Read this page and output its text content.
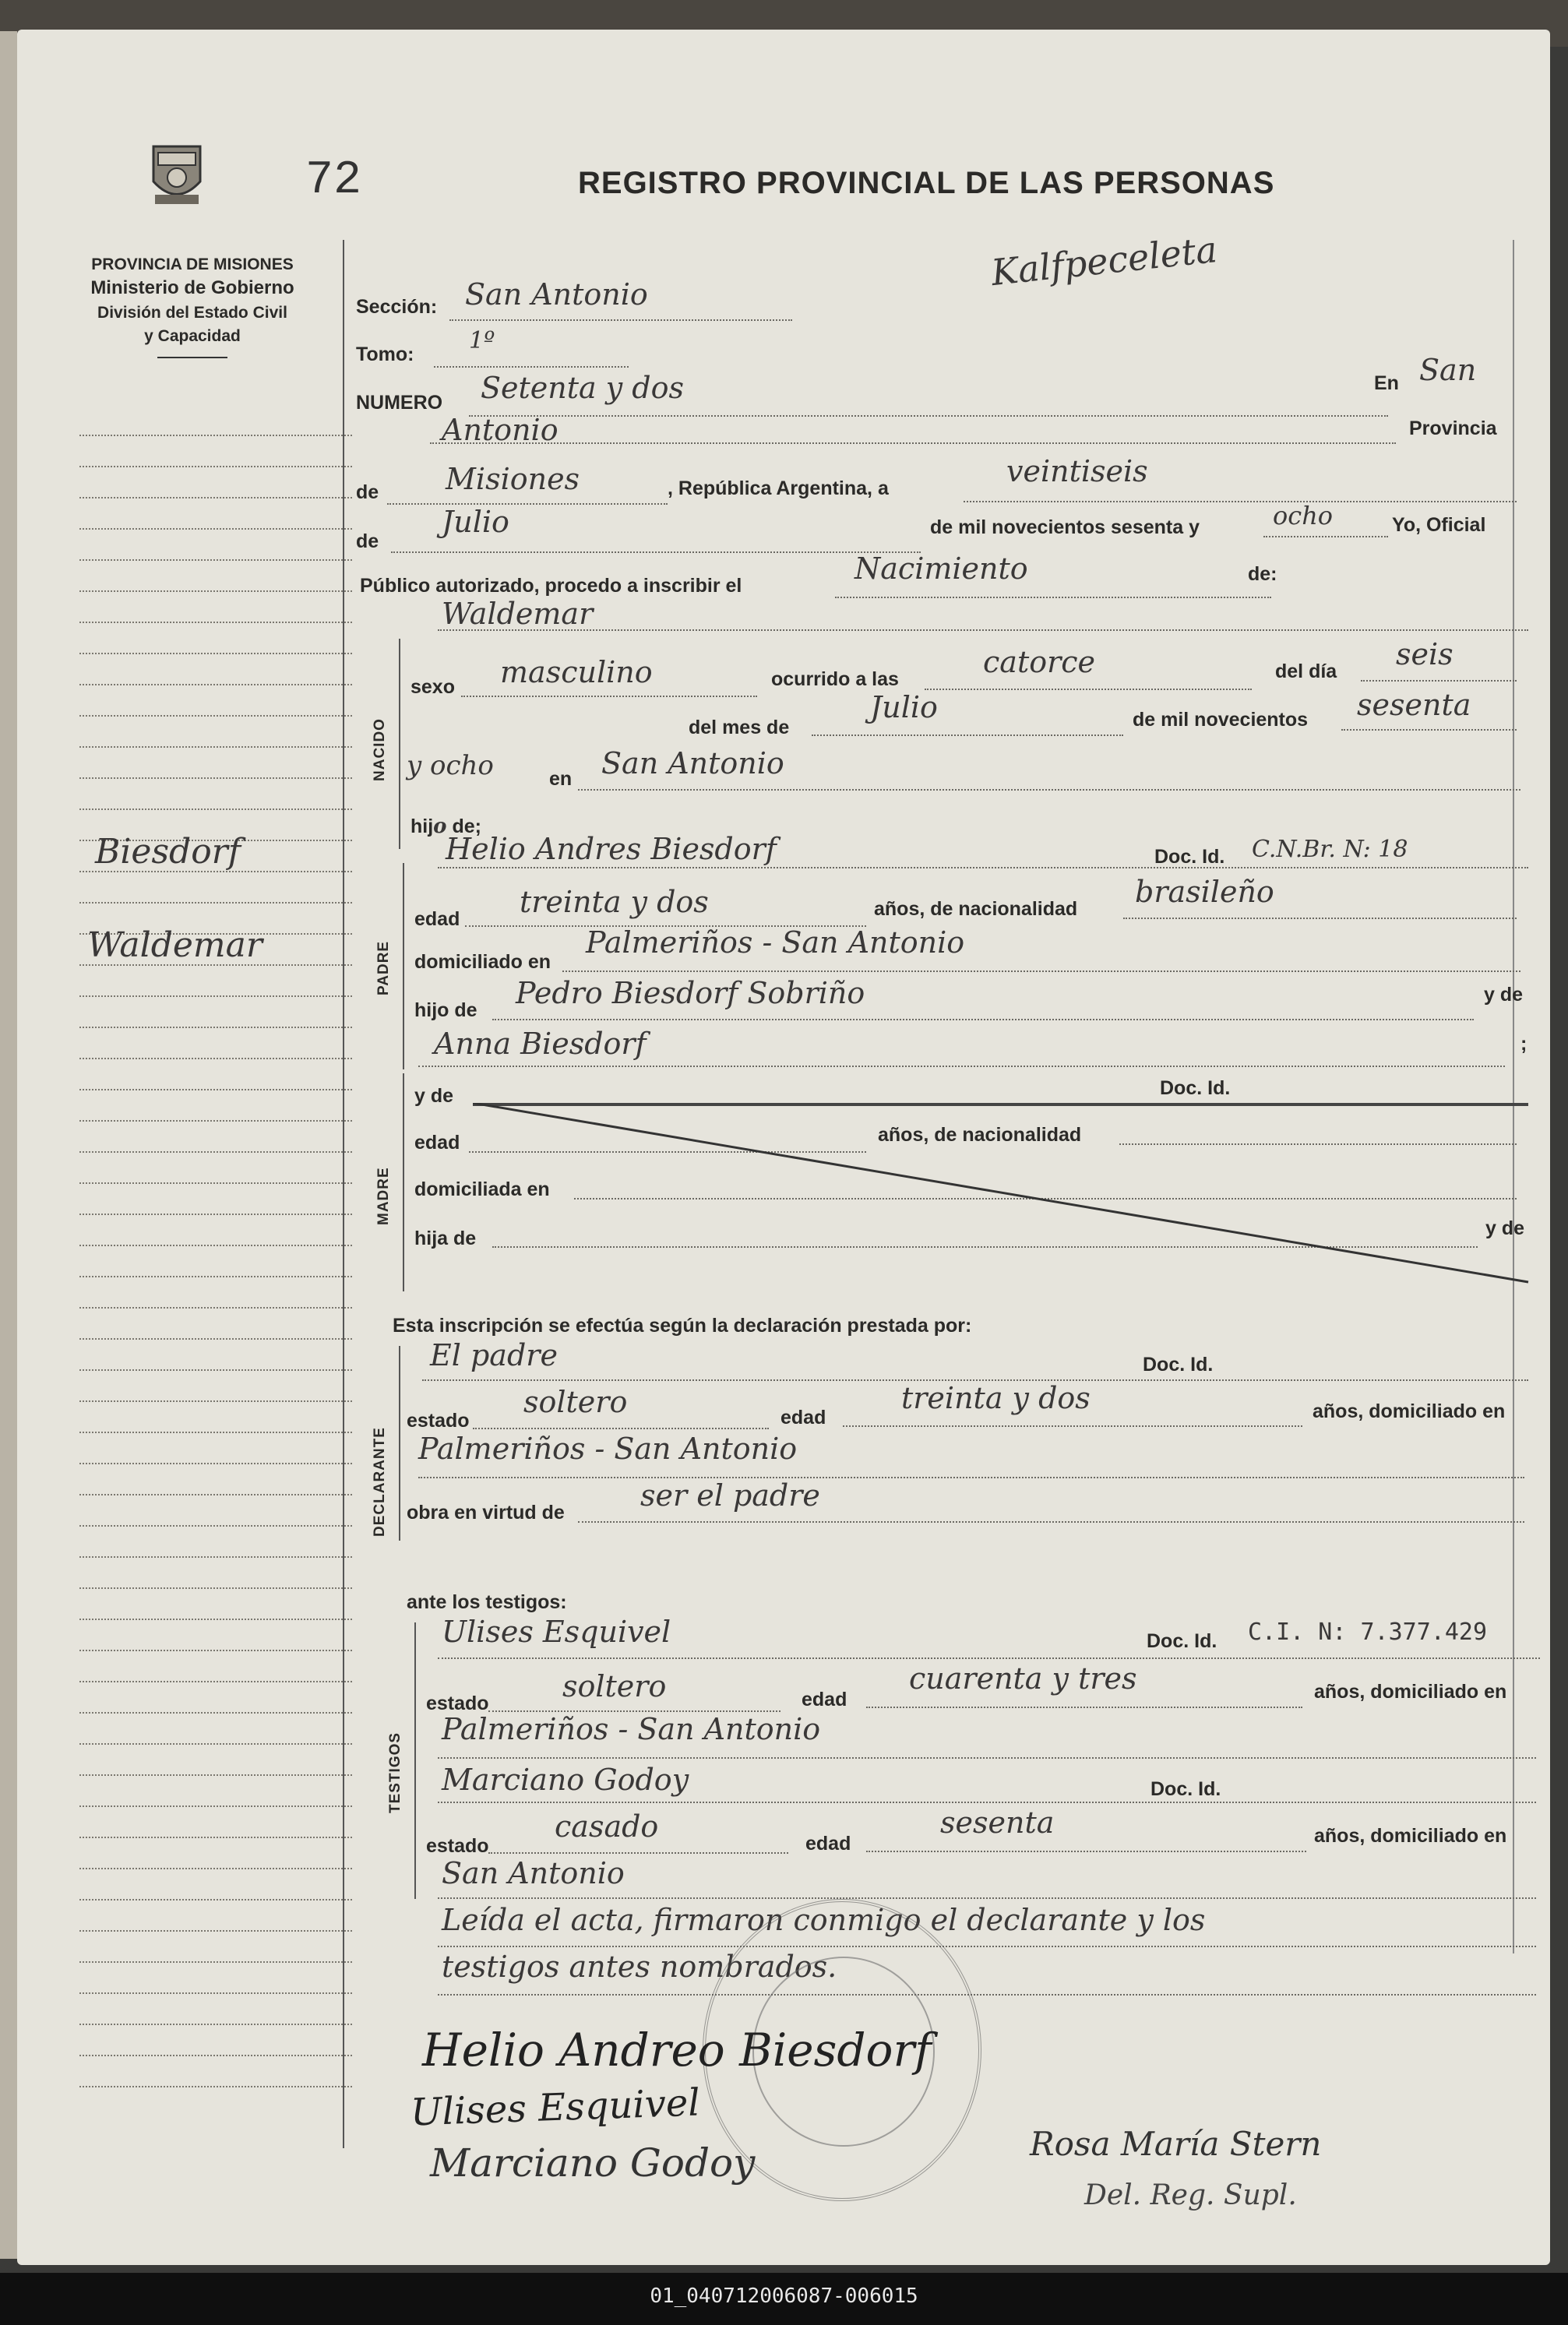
72	REGISTRO PROVINCIAL DE LAS PERSONAS
Kalfpeceleta
PROVINCIA DE MISIONES
Ministerio de Gobierno
División del Estado Civil
y Capacidad
Biesdorf
Waldemar
Sección: San Antonio
Tomo: 1º
NUMERO Setenta y dos	En San
Antonio	Provincia
de Misiones	, República Argentina, a	veintiseis
de
Julio	de mil novecientos sesenta y	ocho	Yo, Oficial
Público autorizado, procedo a inscribir el	Nacimiento	de:
Waldemar
NACIDO
sexo masculino	ocurrido a las	catorce	del día seis
del mes de
Julio	de mil novecientos sesenta
y ocho	en San Antonio
hijo de;
Helio Andres Biesdorf	Doc. Id. C.N.Br. N: 18
PADRE
edad treinta y dos	años, de nacionalidad brasileño
domiciliado en
Palmeriños - San Antonio
hijo de Pedro Biesdorf Sobriño	y de
Anna Biesdorf	;
MADRE
y de	Doc. Id.
edad	años, de nacionalidad
domiciliada en
hija de	y de
Esta inscripción se efectúa según la declaración prestada por:
DECLARANTE
El padre	Doc. Id.
estado
soltero	edad
treinta y dos	años, domiciliado en
Palmeriños - San Antonio
obra en virtud de	ser el padre
ante los testigos:
TESTIGOS
Ulises Esquivel	Doc. Id. C.I. N: 7.377.429
estado soltero	edad
cuarenta y tres	años, domiciliado en
Palmeriños - San Antonio
Marciano Godoy	Doc. Id.
estado
casado	edad
sesenta	años, domiciliado en
San Antonio
Leída el acta, firmaron conmigo el declarante y los
testigos antes nombrados.
Helio Andreo Biesdorf
Ulises Esquivel
Marciano Godoy	Rosa María Stern
Del. Reg. Supl.
01_040712006087-006015
